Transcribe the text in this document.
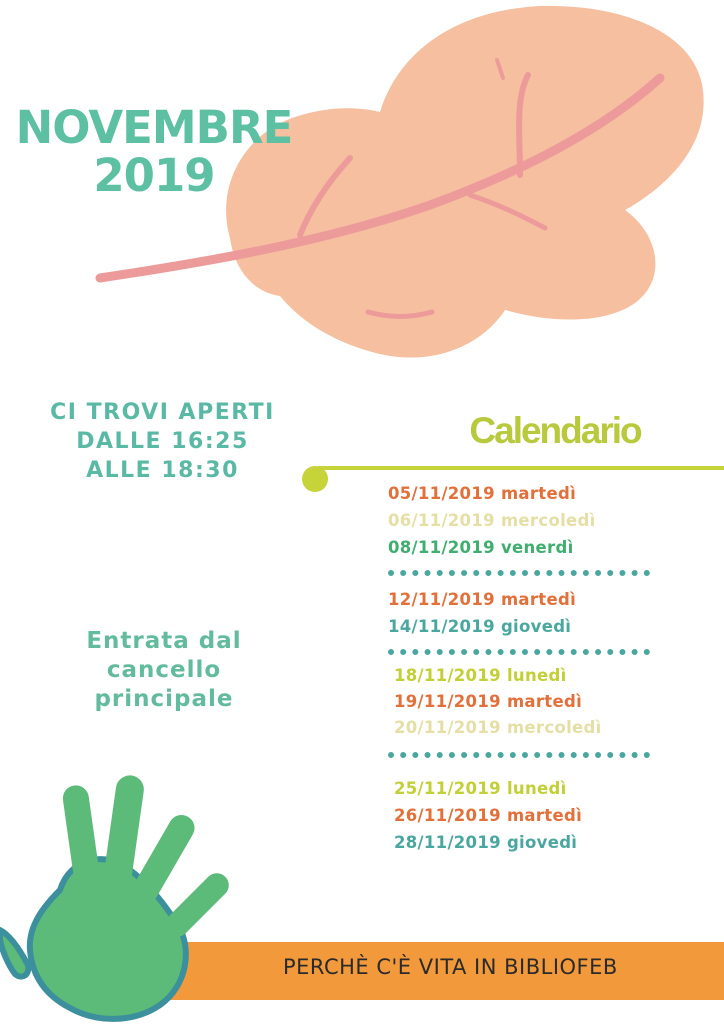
NOVEMBRE
2019
CI TROVI APERTI
DALLE 16:25
ALLE 18:30
Entrata dal
cancello
principale
Calendario
05/11/2019 martedì
06/11/2019 mercoledì
08/11/2019 venerdì
12/11/2019 martedì
14/11/2019 giovedì
18/11/2019 lunedì
19/11/2019 martedì
20/11/2019 mercoledì
25/11/2019 lunedì
26/11/2019 martedì
28/11/2019 giovedì
PERCHÈ C'È VITA IN BIBLIOFEB
